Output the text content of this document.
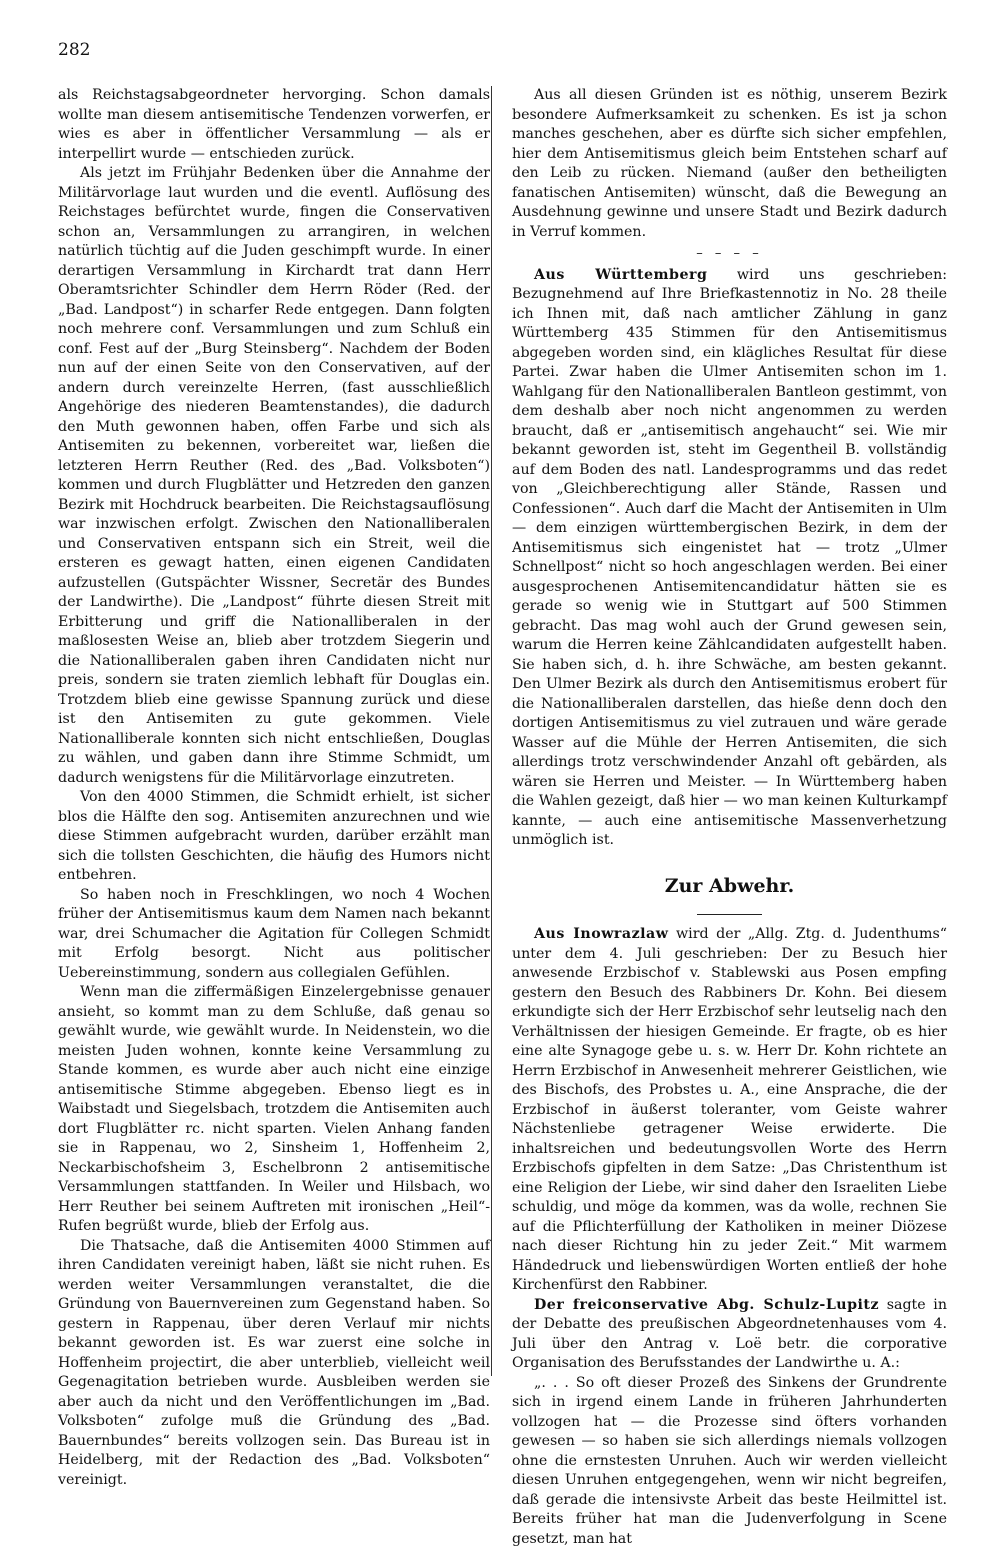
282

als Reichstagsabgeordneter hervorging. Schon damals wollte man diesem antisemitische Tendenzen vorwerfen, er wies es aber in öffentlicher Versammlung — als er interpellirt wurde — entschieden zurück.

Als jetzt im Frühjahr Bedenken über die Annahme der Militärvorlage laut wurden und die eventl. Auflösung des Reichstages befürchtet wurde, fingen die Conservativen schon an, Versammlungen zu arrangiren, in welchen natürlich tüchtig auf die Juden geschimpft wurde. In einer derartigen Versammlung in Kirchardt trat dann Herr Oberamtsrichter Schindler dem Herrn Röder (Red. der „Bad. Landpost“) in scharfer Rede entgegen. Dann folgten noch mehrere conf. Versammlungen und zum Schluß ein conf. Fest auf der „Burg Steinsberg“. Nachdem der Boden nun auf der einen Seite von den Conservativen, auf der andern durch vereinzelte Herren, (fast ausschließlich Angehörige des niederen Beamtenstandes), die dadurch den Muth gewonnen haben, offen Farbe und sich als Antisemiten zu bekennen, vorbereitet war, ließen die letzteren Herrn Reuther (Red. des „Bad. Volksboten“) kommen und durch Flugblätter und Hetzreden den ganzen Bezirk mit Hochdruck bearbeiten. Die Reichstagsauflösung war inzwischen erfolgt. Zwischen den Nationalliberalen und Conservativen entspann sich ein Streit, weil die ersteren es gewagt hatten, einen eigenen Candidaten aufzustellen (Gutspächter Wissner, Secretär des Bundes der Landwirthe). Die „Landpost“ führte diesen Streit mit Erbitterung und griff die Nationalliberalen in der maßlosesten Weise an, blieb aber trotzdem Siegerin und die Nationalliberalen gaben ihren Candidaten nicht nur preis, sondern sie traten ziemlich lebhaft für Douglas ein. Trotzdem blieb eine gewisse Spannung zurück und diese ist den Antisemiten zu gute gekommen. Viele Nationalliberale konnten sich nicht entschließen, Douglas zu wählen, und gaben dann ihre Stimme Schmidt, um dadurch wenigstens für die Militärvorlage einzutreten.

Von den 4000 Stimmen, die Schmidt erhielt, ist sicher blos die Hälfte den sog. Antisemiten anzurechnen und wie diese Stimmen aufgebracht wurden, darüber erzählt man sich die tollsten Geschichten, die häufig des Humors nicht entbehren.

So haben noch in Freschklingen, wo noch 4 Wochen früher der Antisemitismus kaum dem Namen nach bekannt war, drei Schumacher die Agitation für Collegen Schmidt mit Erfolg besorgt. Nicht aus politischer Uebereinstimmung, sondern aus collegialen Gefühlen.

Wenn man die ziffermäßigen Einzelergebnisse genauer ansieht, so kommt man zu dem Schluße, daß genau so gewählt wurde, wie gewählt wurde. In Neidenstein, wo die meisten Juden wohnen, konnte keine Versammlung zu Stande kommen, es wurde aber auch nicht eine einzige antisemitische Stimme abgegeben. Ebenso liegt es in Waibstadt und Siegelsbach, trotzdem die Antisemiten auch dort Flugblätter rc. nicht sparten. Vielen Anhang fanden sie in Rappenau, wo 2, Sinsheim 1, Hoffenheim 2, Neckarbischofsheim 3, Eschelbronn 2 antisemitische Versammlungen stattfanden. In Weiler und Hilsbach, wo Herr Reuther bei seinem Auftreten mit ironischen „Heil“-Rufen begrüßt wurde, blieb der Erfolg aus.

Die Thatsache, daß die Antisemiten 4000 Stimmen auf ihren Candidaten vereinigt haben, läßt sie nicht ruhen. Es werden weiter Versammlungen veranstaltet, die die Gründung von Bauernvereinen zum Gegenstand haben. So gestern in Rappenau, über deren Verlauf mir nichts bekannt geworden ist. Es war zuerst eine solche in Hoffenheim projectirt, die aber unterblieb, vielleicht weil Gegenagitation betrieben wurde. Ausbleiben werden sie aber auch da nicht und den Veröffentlichungen im „Bad. Volksboten“ zufolge muß die Gründung des „Bad. Bauernbundes“ bereits vollzogen sein. Das Bureau ist in Heidelberg, mit der Redaction des „Bad. Volksboten“ vereinigt.

Aus all diesen Gründen ist es nöthig, unserem Bezirk besondere Aufmerksamkeit zu schenken. Es ist ja schon manches geschehen, aber es dürfte sich sicher empfehlen, hier dem Antisemitismus gleich beim Entstehen scharf auf den Leib zu rücken. Niemand (außer den betheiligten fanatischen Antisemiten) wünscht, daß die Bewegung an Ausdehnung gewinne und unsere Stadt und Bezirk dadurch in Verruf kommen.

– – – –

Aus Württemberg wird uns geschrieben: Bezugnehmend auf Ihre Briefkastennotiz in No. 28 theile ich Ihnen mit, daß nach amtlicher Zählung in ganz Württemberg 435 Stimmen für den Antisemitismus abgegeben worden sind, ein klägliches Resultat für diese Partei. Zwar haben die Ulmer Antisemiten schon im 1. Wahlgang für den Nationalliberalen Bantleon gestimmt, von dem deshalb aber noch nicht angenommen zu werden braucht, daß er „antisemitisch angehaucht“ sei. Wie mir bekannt geworden ist, steht im Gegentheil B. vollständig auf dem Boden des natl. Landesprogramms und das redet von „Gleichberechtigung aller Stände, Rassen und Confessionen“. Auch darf die Macht der Antisemiten in Ulm — dem einzigen württembergischen Bezirk, in dem der Antisemitismus sich eingenistet hat — trotz „Ulmer Schnellpost“ nicht so hoch angeschlagen werden. Bei einer ausgesprochenen Antisemitencandidatur hätten sie es gerade so wenig wie in Stuttgart auf 500 Stimmen gebracht. Das mag wohl auch der Grund gewesen sein, warum die Herren keine Zählcandidaten aufgestellt haben. Sie haben sich, d. h. ihre Schwäche, am besten gekannt. Den Ulmer Bezirk als durch den Antisemitismus erobert für die Nationalliberalen darstellen, das hieße denn doch den dortigen Antisemitismus zu viel zutrauen und wäre gerade Wasser auf die Mühle der Herren Antisemiten, die sich allerdings trotz verschwindender Anzahl oft gebärden, als wären sie Herren und Meister. — In Württemberg haben die Wahlen gezeigt, daß hier — wo man keinen Kulturkampf kannte, — auch eine antisemitische Massenverhetzung unmöglich ist.

Zur Abwehr.

Aus Inowrazlaw wird der „Allg. Ztg. d. Judenthums“ unter dem 4. Juli geschrieben: Der zu Besuch hier anwesende Erzbischof v. Stablewski aus Posen empfing gestern den Besuch des Rabbiners Dr. Kohn. Bei diesem erkundigte sich der Herr Erzbischof sehr leutselig nach den Verhältnissen der hiesigen Gemeinde. Er fragte, ob es hier eine alte Synagoge gebe u. s. w. Herr Dr. Kohn richtete an Herrn Erzbischof in Anwesenheit mehrerer Geistlichen, wie des Bischofs, des Probstes u. A., eine Ansprache, die der Erzbischof in äußerst toleranter, vom Geiste wahrer Nächstenliebe getragener Weise erwiderte. Die inhaltsreichen und bedeutungsvollen Worte des Herrn Erzbischofs gipfelten in dem Satze: „Das Christenthum ist eine Religion der Liebe, wir sind daher den Israeliten Liebe schuldig, und möge da kommen, was da wolle, rechnen Sie auf die Pflichterfüllung der Katholiken in meiner Diözese nach dieser Richtung hin zu jeder Zeit.“ Mit warmem Händedruck und liebenswürdigen Worten entließ der hohe Kirchenfürst den Rabbiner.

Der freiconservative Abg. Schulz-Lupitz sagte in der Debatte des preußischen Abgeordnetenhauses vom 4. Juli über den Antrag v. Loë betr. die corporative Organisation des Berufsstandes der Landwirthe u. A.:

„. . . So oft dieser Prozeß des Sinkens der Grundrente sich in irgend einem Lande in früheren Jahrhunderten vollzogen hat — die Prozesse sind öfters vorhanden gewesen — so haben sie sich allerdings niemals vollzogen ohne die ernstesten Unruhen. Auch wir werden vielleicht diesen Unruhen entgegengehen, wenn wir nicht begreifen, daß gerade die intensivste Arbeit das beste Heilmittel ist. Bereits früher hat man die Judenverfolgung in Scene gesetzt, man hat
